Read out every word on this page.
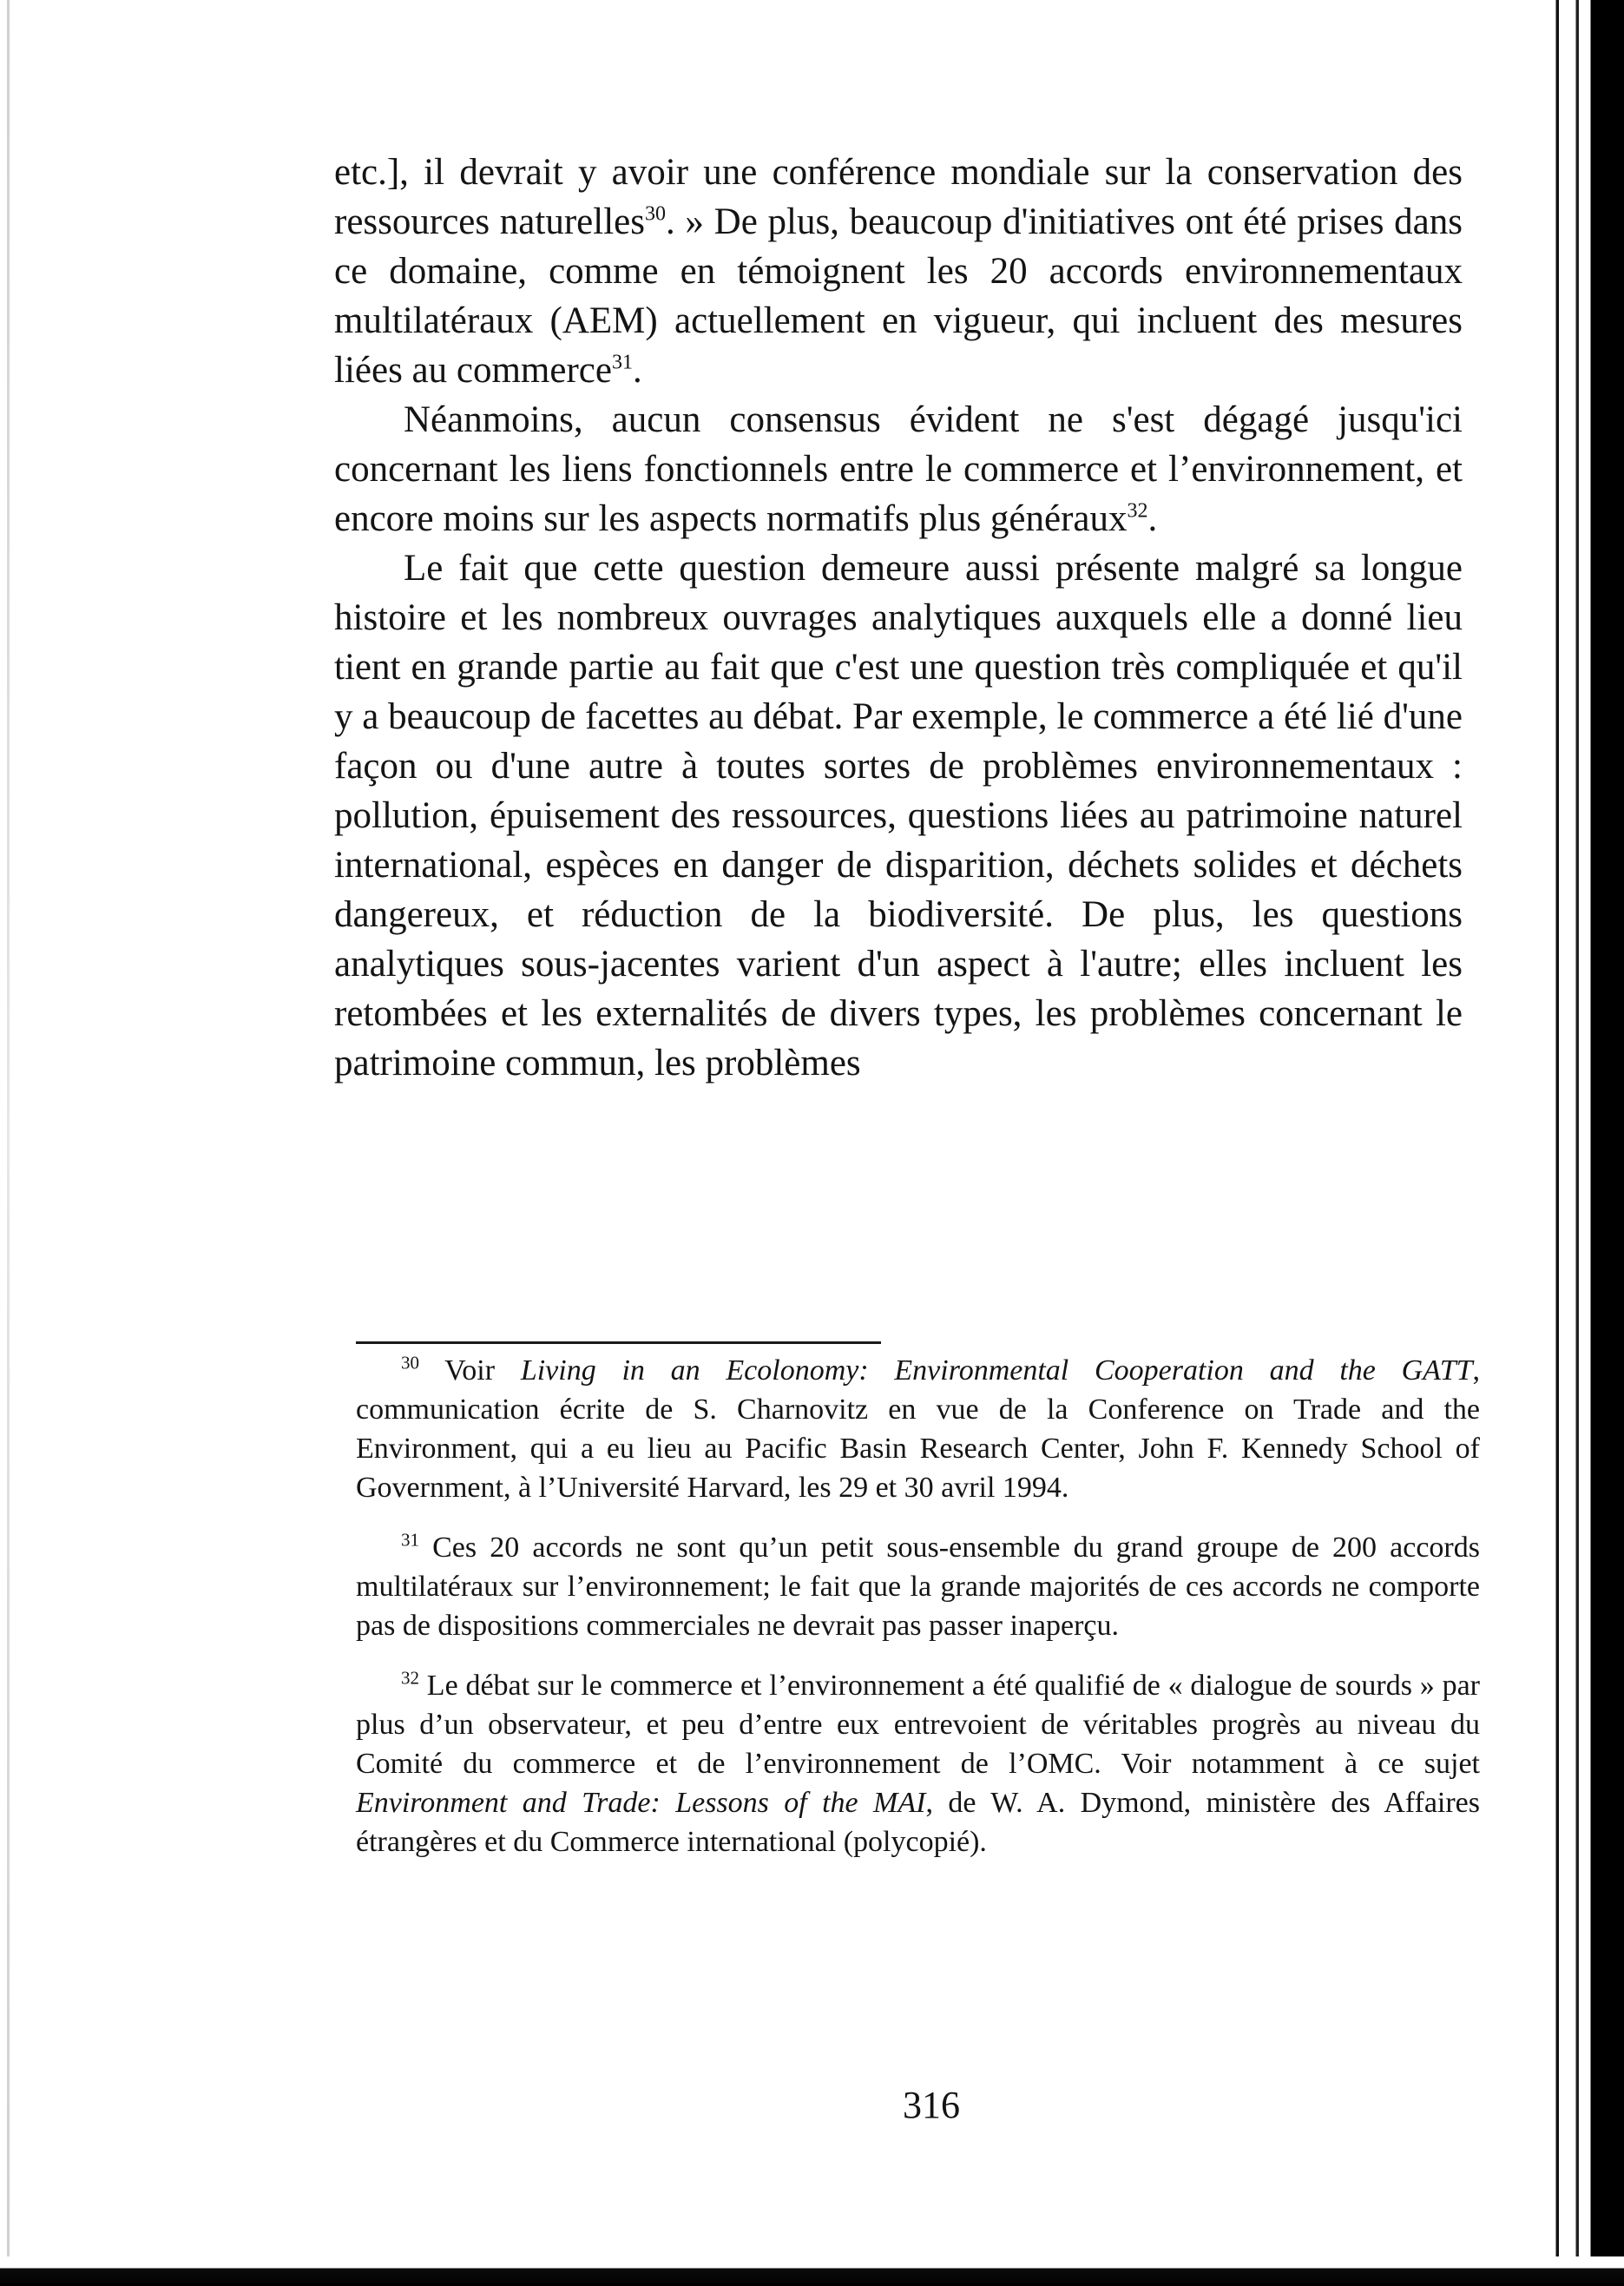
etc.], il devrait y avoir une conférence mondiale sur la conservation des ressources naturelles$^{30}$. » De plus, beaucoup d'initiatives ont été prises dans ce domaine, comme en témoignent les 20 accords environnementaux multilatéraux (AEM) actuellement en vigueur, qui incluent des mesures liées au commerce$^{31}$.

Néanmoins, aucun consensus évident ne s'est dégagé jusqu'ici concernant les liens fonctionnels entre le commerce et l’environnement, et encore moins sur les aspects normatifs plus généraux$^{32}$.

Le fait que cette question demeure aussi présente malgré sa longue histoire et les nombreux ouvrages analytiques auxquels elle a donné lieu tient en grande partie au fait que c'est une question très compliquée et qu'il y a beaucoup de facettes au débat. Par exemple, le commerce a été lié d'une façon ou d'une autre à toutes sortes de problèmes environnementaux : pollution, épuisement des ressources, questions liées au patrimoine naturel international, espèces en danger de disparition, déchets solides et déchets dangereux, et réduction de la biodiversité. De plus, les questions analytiques sous-jacentes varient d'un aspect à l'autre; elles incluent les retombées et les externalités de divers types, les problèmes concernant le patrimoine commun, les problèmes

$^{30}$ Voir Living in an Ecolonomy: Environmental Cooperation and the GATT, communication écrite de S. Charnovitz en vue de la Conference on Trade and the Environment, qui a eu lieu au Pacific Basin Research Center, John F. Kennedy School of Government, à l’Université Harvard, les 29 et 30 avril 1994.

$^{31}$ Ces 20 accords ne sont qu’un petit sous-ensemble du grand groupe de 200 accords multilatéraux sur l’environnement; le fait que la grande majorités de ces accords ne comporte pas de dispositions commerciales ne devrait pas passer inaperçu.

$^{32}$ Le débat sur le commerce et l’environnement a été qualifié de « dialogue de sourds » par plus d’un observateur, et peu d’entre eux entrevoient de véritables progrès au niveau du Comité du commerce et de l’environnement de l’OMC. Voir notamment à ce sujet Environment and Trade: Lessons of the MAI, de W. A. Dymond, ministère des Affaires étrangères et du Commerce international (polycopié).

316
